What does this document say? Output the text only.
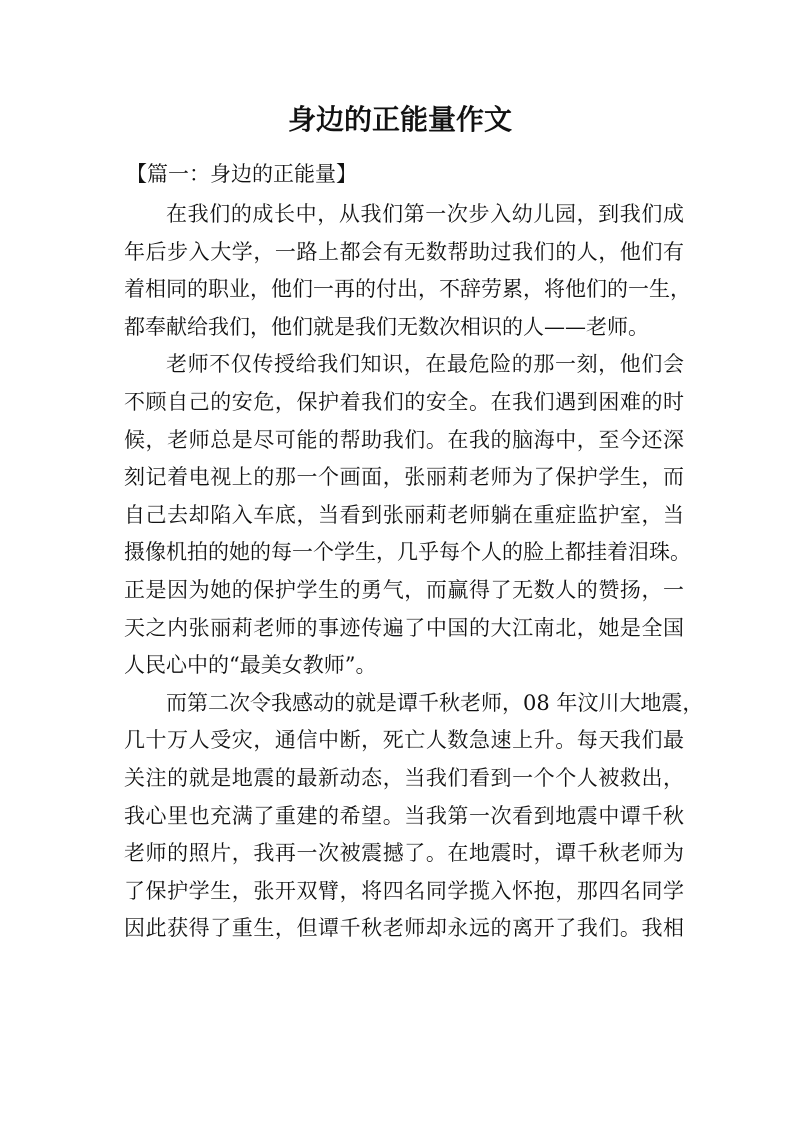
身边的正能量作文
【篇一：身边的正能量】
在我们的成长中，从我们第一次步入幼儿园，到我们成
年后步入大学，一路上都会有无数帮助过我们的人，他们有
着相同的职业，他们一再的付出，不辞劳累，将他们的一生，
都奉献给我们，他们就是我们无数次相识的人——老师。
老师不仅传授给我们知识，在最危险的那一刻，他们会
不顾自己的安危，保护着我们的安全。在我们遇到困难的时
候，老师总是尽可能的帮助我们。在我的脑海中，至今还深
刻记着电视上的那一个画面，张丽莉老师为了保护学生，而
自己去却陷入车底，当看到张丽莉老师躺在重症监护室，当
摄像机拍的她的每一个学生，几乎每个人的脸上都挂着泪珠。
正是因为她的保护学生的勇气，而赢得了无数人的赞扬，一
天之内张丽莉老师的事迹传遍了中国的大江南北，她是全国
人民心中的“最美女教师”。
而第二次令我感动的就是谭千秋老师，08 年汶川大地震，
几十万人受灾，通信中断，死亡人数急速上升。每天我们最
关注的就是地震的最新动态，当我们看到一个个人被救出，
我心里也充满了重建的希望。当我第一次看到地震中谭千秋
老师的照片，我再一次被震撼了。在地震时，谭千秋老师为
了保护学生，张开双臂，将四名同学揽入怀抱，那四名同学
因此获得了重生，但谭千秋老师却永远的离开了我们。我相
